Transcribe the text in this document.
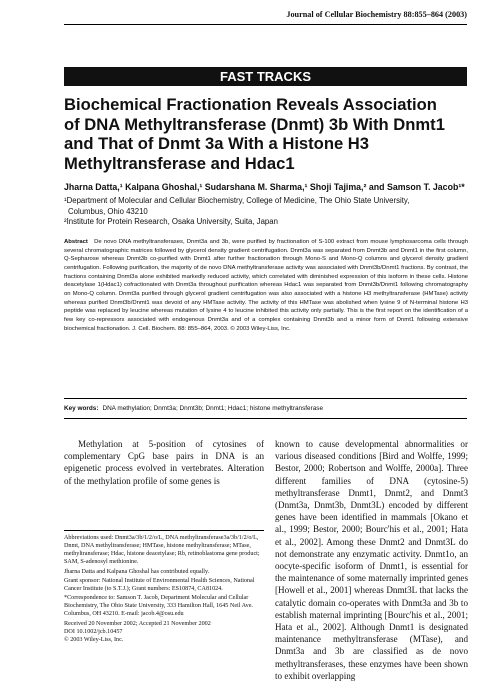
Journal of Cellular Biochemistry 88:855–864 (2003)
FAST TRACKS
Biochemical Fractionation Reveals Association
of DNA Methyltransferase (Dnmt) 3b With Dnmt1
and That of Dnmt 3a With a Histone H3
Methyltransferase and Hdac1
Jharna Datta,¹ Kalpana Ghoshal,¹ Sudarshana M. Sharma,¹ Shoji Tajima,² and Samson T. Jacob¹*
¹Department of Molecular and Cellular Biochemistry, College of Medicine, The Ohio State University,
Columbus, Ohio 43210
²Institute for Protein Research, Osaka University, Suita, Japan
Abstract De novo DNA methyltransferases, Dnmt3a and 3b, were purified by fractionation of S-100 extract from mouse lymphosarcoma cells through several chromatographic matrices followed by glycerol density gradient centrifugation. Dnmt3a was separated from Dnmt3b and Dnmt1 in the first column, Q-Sepharose whereas Dnmt3b co-purified with Dnmt1 after further fractionation through Mono-S and Mono-Q columns and glycerol density gradient centrifugation. Following purification, the majority of de novo DNA methyltransferase activity was associated with Dnmt3b/Dnmt1 fractions. By contrast, the fractions containing Dnmt3a alone exhibited markedly reduced activity, which correlated with diminished expression of this isoform in these cells. Histone deacetylase 1(Hdac1) cofractionated with Dnmt3a throughout purification whereas Hdac1 was separated from Dnmt3b/Dnmt1 following chromatography on Mono-Q column. Dnmt3a purified through glycerol gradient centrifugation was also associated with a histone H3 methyltransferase (HMTase) activity whereas purified Dnmt3b/Dnmt1 was devoid of any HMTase activity. The activity of this HMTase was abolished when lysine 9 of N-terminal histone H3 peptide was replaced by leucine whereas mutation of lysine 4 to leucine inhibited this activity only partially. This is the first report on the identification of a few key co-repressors associated with endogenous Dnmt3a and of a complex containing Dnmt3b and a minor form of Dnmt1 following extensive biochemical fractionation. J. Cell. Biochem. 88: 855–864, 2003. © 2003 Wiley-Liss, Inc.
Key words: DNA methylation; Dnmt3a; Dnmt3b; Dnmt1; Hdac1; histone methyltransferase

Methylation at 5-position of cytosines of complementary CpG base pairs in DNA is an epigenetic process evolved in vertebrates. Alteration of the methylation profile of some genes is

known to cause developmental abnormalities or various diseased conditions [Bird and Wolffe, 1999; Bestor, 2000; Robertson and Wolffe, 2000a]. Three different families of DNA (cytosine-5) methyltransferase Dnmt1, Dnmt2, and Dnmt3 (Dnmt3a, Dnmt3b, Dnmt3L) encoded by different genes have been identified in mammals [Okano et al., 1999; Bestor, 2000; Bourc'his et al., 2001; Hata et al., 2002]. Among these Dnmt2 and Dnmt3L do not demonstrate any enzymatic activity. Dnmt1o, an oocyte-specific isoform of Dnmt1, is essential for the maintenance of some maternally imprinted genes [Howell et al., 2001] whereas Dnmt3L that lacks the catalytic domain co-operates with Dnmt3a and 3b to establish maternal imprinting [Bourc'his et al., 2001; Hata et al., 2002]. Although Dnmt1 is designated maintenance methyltransferase (MTase), and Dnmt3a and 3b are classified as de novo methyltransferases, these enzymes have been shown to exhibit overlapping

Abbreviations used: Dnmt3a/3b/1/2/o/L, DNA methyltransferase3a/3b/1/2/o/L, Dnmt, DNA methyltransferase; HMTase, histone methyltransferase; MTase, methyltransferase; Hdac, histone deacetylase; Rb, retinoblastoma gene product; SAM, S-adenosyl methionine.
Jharna Datta and Kalpana Ghoshal has contributed equally.
Grant sponsor: National Institute of Environmental Health Sciences, National Cancer Institute (to S.T.J.); Grant numbers: ES10874, CA81024.
*Correspondence to: Samson T. Jacob, Department Molecular and Cellular Biochemistry, The Ohio State University, 333 Hamilton Hall, 1645 Neil Ave. Columbus, OH 43210. E-mail: jacob.4@osu.edu
Received 20 November 2002; Accepted 21 November 2002
DOI 10.1002/jcb.10457
© 2003 Wiley-Liss, Inc.
